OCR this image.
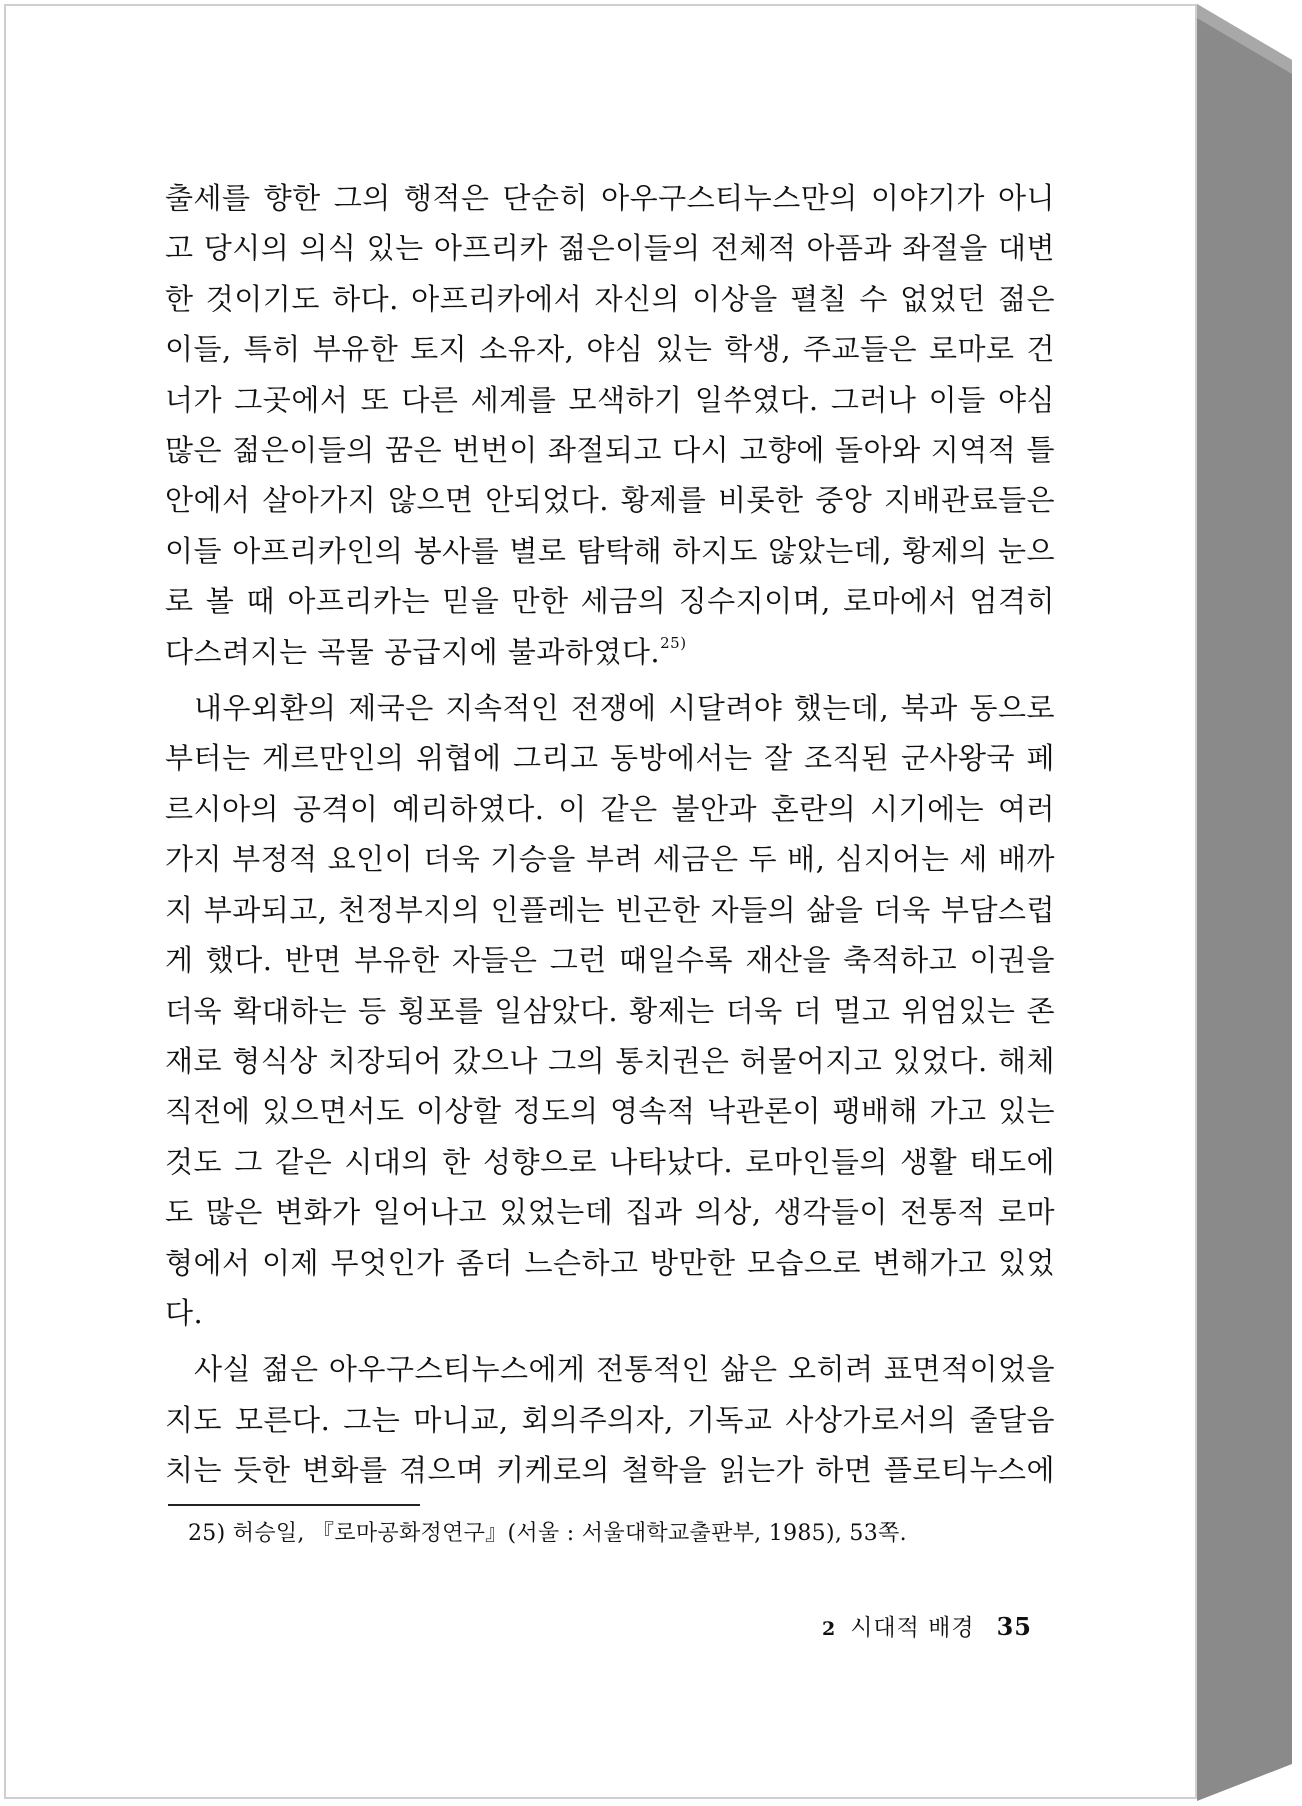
출세를 향한 그의 행적은 단순히 아우구스티누스만의 이야기가 아니고 당시의 의식 있는 아프리카 젊은이들의 전체적 아픔과 좌절을 대변한 것이기도 하다. 아프리카에서 자신의 이상을 펼칠 수 없었던 젊은이들, 특히 부유한 토지 소유자, 야심 있는 학생, 주교들은 로마로 건너가 그곳에서 또 다른 세계를 모색하기 일쑤였다. 그러나 이들 야심 많은 젊은이들의 꿈은 번번이 좌절되고 다시 고향에 돌아와 지역적 틀 안에서 살아가지 않으면 안되었다. 황제를 비롯한 중앙 지배관료들은 이들 아프리카인의 봉사를 별로 탐탁해 하지도 않았는데, 황제의 눈으로 볼 때 아프리카는 믿을 만한 세금의 징수지이며, 로마에서 엄격히 다스려지는 곡물 공급지에 불과하였다.$^{25)}$

내우외환의 제국은 지속적인 전쟁에 시달려야 했는데, 북과 동으로부터는 게르만인의 위협에 그리고 동방에서는 잘 조직된 군사왕국 페르시아의 공격이 예리하였다. 이 같은 불안과 혼란의 시기에는 여러 가지 부정적 요인이 더욱 기승을 부려 세금은 두 배, 심지어는 세 배까지 부과되고, 천정부지의 인플레는 빈곤한 자들의 삶을 더욱 부담스럽게 했다. 반면 부유한 자들은 그런 때일수록 재산을 축적하고 이권을 더욱 확대하는 등 횡포를 일삼았다. 황제는 더욱 더 멀고 위엄있는 존재로 형식상 치장되어 갔으나 그의 통치권은 허물어지고 있었다. 해체 직전에 있으면서도 이상할 정도의 영속적 낙관론이 팽배해 가고 있는 것도 그 같은 시대의 한 성향으로 나타났다. 로마인들의 생활 태도에도 많은 변화가 일어나고 있었는데 집과 의상, 생각들이 전통적 로마형에서 이제 무엇인가 좀더 느슨하고 방만한 모습으로 변해가고 있었다.

사실 젊은 아우구스티누스에게 전통적인 삶은 오히려 표면적이었을지도 모른다. 그는 마니교, 회의주의자, 기독교 사상가로서의 줄달음치는 듯한 변화를 겪으며 키케로의 철학을 읽는가 하면 플로티누스에

25) 허승일, 『로마공화정연구』(서울 : 서울대학교출판부, 1985), 53쪽.
2 시대적 배경 35
